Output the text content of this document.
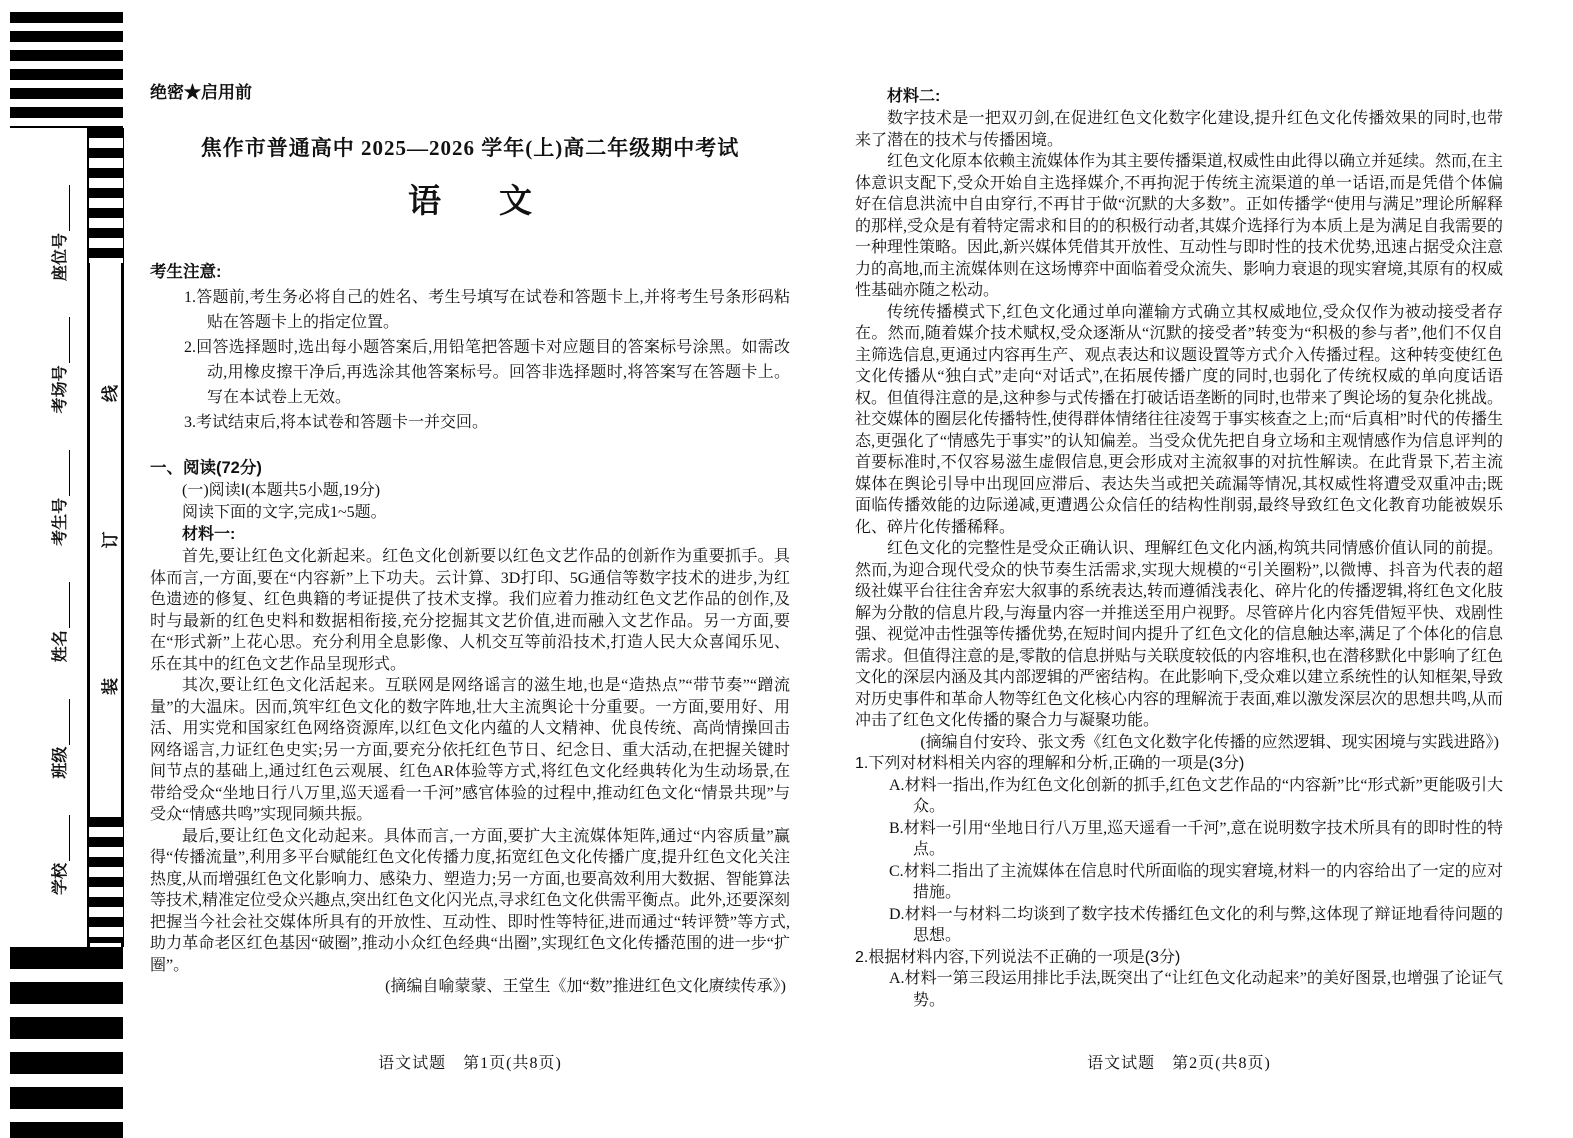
学校
班级
姓名
考生号
考场号
座位号
装
订
线
绝密★启用前
焦作市普通高中 2025—2026 学年(上)高二年级期中考试
语文
考生注意:
1.答题前,考生务必将自己的姓名、考生号填写在试卷和答题卡上,并将考生号条形码粘贴在答题卡上的指定位置。
2.回答选择题时,选出每小题答案后,用铅笔把答题卡对应题目的答案标号涂黑。如需改动,用橡皮擦干净后,再选涂其他答案标号。回答非选择题时,将答案写在答题卡上。写在本试卷上无效。
3.考试结束后,将本试卷和答题卡一并交回。
一、阅读(72分)
(一)阅读Ⅰ(本题共5小题,19分)
阅读下面的文字,完成1~5题。
材料一:

首先,要让红色文化新起来。红色文化创新要以红色文艺作品的创新作为重要抓手。具体而言,一方面,要在“内容新”上下功夫。云计算、3D打印、5G通信等数字技术的进步,为红色遗迹的修复、红色典籍的考证提供了技术支撑。我们应着力推动红色文艺作品的创作,及时与最新的红色史料和数据相衔接,充分挖掘其文艺价值,进而融入文艺作品。另一方面,要在“形式新”上花心思。充分利用全息影像、人机交互等前沿技术,打造人民大众喜闻乐见、乐在其中的红色文艺作品呈现形式。

其次,要让红色文化活起来。互联网是网络谣言的滋生地,也是“造热点”“带节奏”“蹭流量”的大温床。因而,筑牢红色文化的数字阵地,壮大主流舆论十分重要。一方面,要用好、用活、用实党和国家红色网络资源库,以红色文化内蕴的人文精神、优良传统、高尚情操回击网络谣言,力证红色史实;另一方面,要充分依托红色节日、纪念日、重大活动,在把握关键时间节点的基础上,通过红色云观展、红色AR体验等方式,将红色文化经典转化为生动场景,在带给受众“坐地日行八万里,巡天遥看一千河”感官体验的过程中,推动红色文化“情景共现”与受众“情感共鸣”实现同频共振。

最后,要让红色文化动起来。具体而言,一方面,要扩大主流媒体矩阵,通过“内容质量”赢得“传播流量”,利用多平台赋能红色文化传播力度,拓宽红色文化传播广度,提升红色文化关注热度,从而增强红色文化影响力、感染力、塑造力;另一方面,也要高效利用大数据、智能算法等技术,精准定位受众兴趣点,突出红色文化闪光点,寻求红色文化供需平衡点。此外,还要深刻把握当今社会社交媒体所具有的开放性、互动性、即时性等特征,进而通过“转评赞”等方式,助力革命老区红色基因“破圈”,推动小众红色经典“出圈”,实现红色文化传播范围的进一步“扩圈”。

(摘编自喻蒙蒙、王堂生《加“数”推进红色文化赓续传承》)
语文试题　第1页(共8页)
材料二:

数字技术是一把双刃剑,在促进红色文化数字化建设,提升红色文化传播效果的同时,也带来了潜在的技术与传播困境。

红色文化原本依赖主流媒体作为其主要传播渠道,权威性由此得以确立并延续。然而,在主体意识支配下,受众开始自主选择媒介,不再拘泥于传统主流渠道的单一话语,而是凭借个体偏好在信息洪流中自由穿行,不再甘于做“沉默的大多数”。正如传播学“使用与满足”理论所解释的那样,受众是有着特定需求和目的的积极行动者,其媒介选择行为本质上是为满足自我需要的一种理性策略。因此,新兴媒体凭借其开放性、互动性与即时性的技术优势,迅速占据受众注意力的高地,而主流媒体则在这场博弈中面临着受众流失、影响力衰退的现实窘境,其原有的权威性基础亦随之松动。

传统传播模式下,红色文化通过单向灌输方式确立其权威地位,受众仅作为被动接受者存在。然而,随着媒介技术赋权,受众逐渐从“沉默的接受者”转变为“积极的参与者”,他们不仅自主筛选信息,更通过内容再生产、观点表达和议题设置等方式介入传播过程。这种转变使红色文化传播从“独白式”走向“对话式”,在拓展传播广度的同时,也弱化了传统权威的单向度话语权。但值得注意的是,这种参与式传播在打破话语垄断的同时,也带来了舆论场的复杂化挑战。社交媒体的圈层化传播特性,使得群体情绪往往凌驾于事实核查之上;而“后真相”时代的传播生态,更强化了“情感先于事实”的认知偏差。当受众优先把自身立场和主观情感作为信息评判的首要标准时,不仅容易滋生虚假信息,更会形成对主流叙事的对抗性解读。在此背景下,若主流媒体在舆论引导中出现回应滞后、表达失当或把关疏漏等情况,其权威性将遭受双重冲击;既面临传播效能的边际递减,更遭遇公众信任的结构性削弱,最终导致红色文化教育功能被娱乐化、碎片化传播稀释。

红色文化的完整性是受众正确认识、理解红色文化内涵,构筑共同情感价值认同的前提。然而,为迎合现代受众的快节奏生活需求,实现大规模的“引关圈粉”,以微博、抖音为代表的超级社媒平台往往舍弃宏大叙事的系统表达,转而遵循浅表化、碎片化的传播逻辑,将红色文化肢解为分散的信息片段,与海量内容一并推送至用户视野。尽管碎片化内容凭借短平快、戏剧性强、视觉冲击性强等传播优势,在短时间内提升了红色文化的信息触达率,满足了个体化的信息需求。但值得注意的是,零散的信息拼贴与关联度较低的内容堆积,也在潜移默化中影响了红色文化的深层内涵及其内部逻辑的严密结构。在此影响下,受众难以建立系统性的认知框架,导致对历史事件和革命人物等红色文化核心内容的理解流于表面,难以激发深层次的思想共鸣,从而冲击了红色文化传播的聚合力与凝聚功能。

(摘编自付安玲、张文秀《红色文化数字化传播的应然逻辑、现实困境与实践进路》)
1.下列对材料相关内容的理解和分析,正确的一项是(3分)
A.材料一指出,作为红色文化创新的抓手,红色文艺作品的“内容新”比“形式新”更能吸引大众。
B.材料一引用“坐地日行八万里,巡天遥看一千河”,意在说明数字技术所具有的即时性的特点。
C.材料二指出了主流媒体在信息时代所面临的现实窘境,材料一的内容给出了一定的应对措施。
D.材料一与材料二均谈到了数字技术传播红色文化的利与弊,这体现了辩证地看待问题的思想。
2.根据材料内容,下列说法不正确的一项是(3分)
A.材料一第三段运用排比手法,既突出了“让红色文化动起来”的美好图景,也增强了论证气势。
语文试题　第2页(共8页)
